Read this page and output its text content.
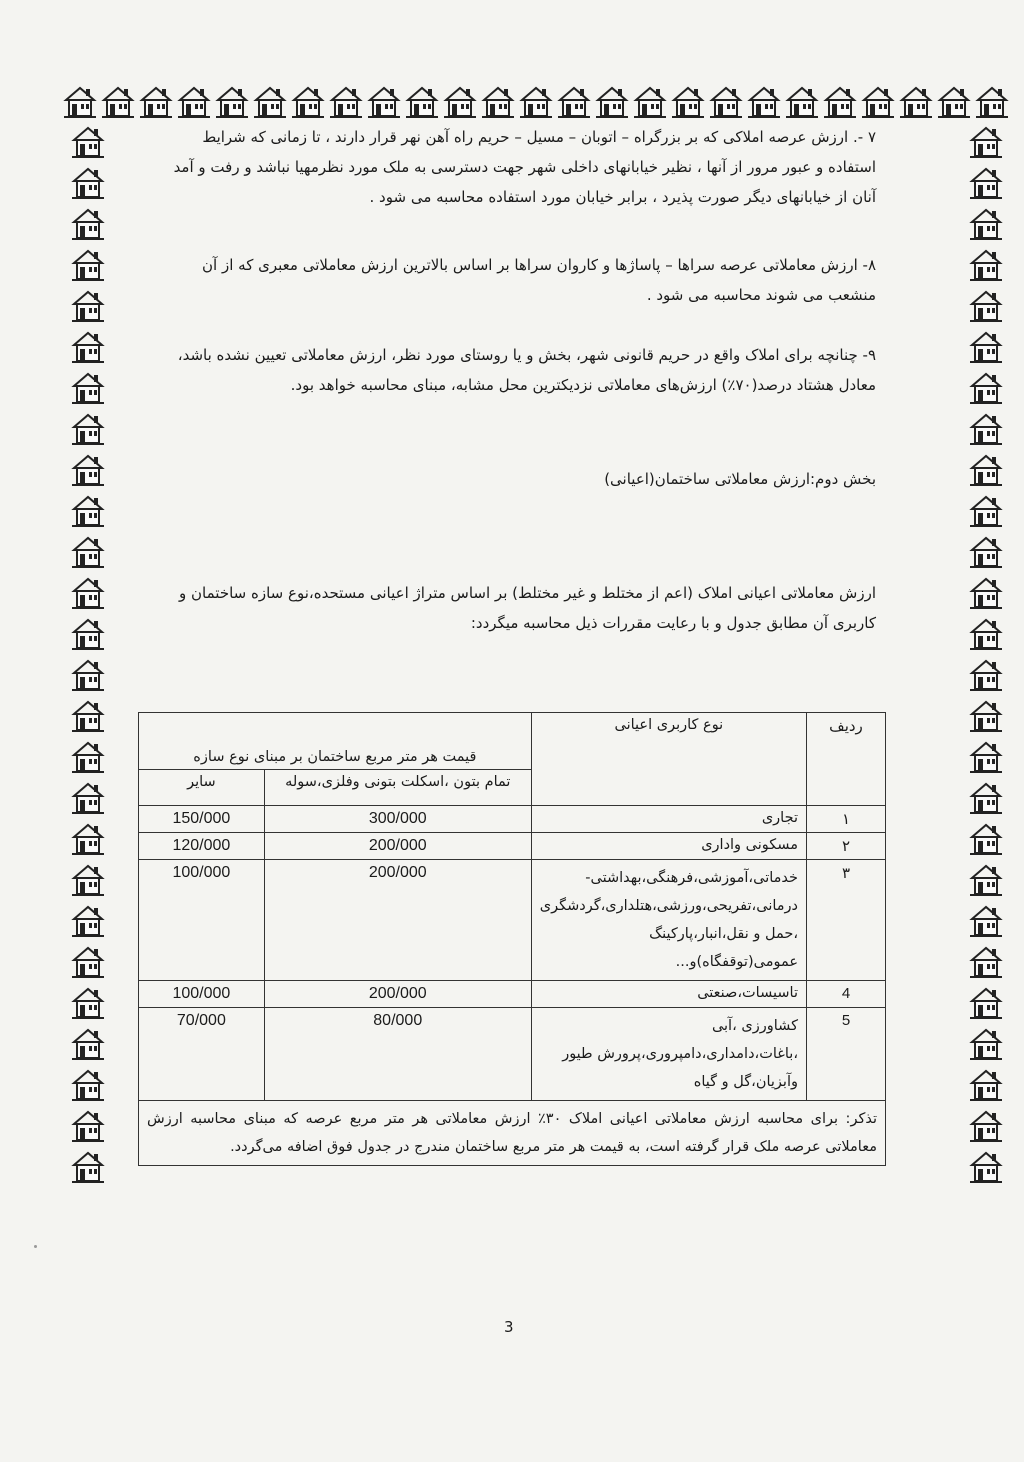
۷ -. ارزش عرصه املاکی که بر بزرگراه – اتوبان – مسیل – حریم راه آهن نهر قرار دارند ، تا زمانی که شرایط استفاده و عبور مرور از آنها ، نظیر خیابانهای داخلی شهر جهت دسترسی به ملک مورد نظرمهیا نباشد و رفت و آمد آنان از خیابانهای دیگر صورت پذیرد ، برابر خیابان مورد استفاده محاسبه می شود .
۸- ارزش معاملاتی عرصه سراها – پاساژها و کاروان سراها بر اساس بالاترین ارزش معاملاتی معبری که از آن منشعب می شوند محاسبه می شود .
۹- چنانچه برای املاک واقع در حریم قانونی شهر، بخش و یا روستای مورد نظر، ارزش معاملاتی تعیین نشده باشد، معادل هشتاد درصد(۷۰٪) ارزش‌های معاملاتی نزدیکترین محل مشابه، مبنای محاسبه خواهد بود.
بخش دوم:ارزش معاملاتی ساختمان(اعیانی)
ارزش معاملاتی اعیانی املاک (اعم از مختلط و غیر مختلط) بر اساس متراژ اعیانی مستحده،نوع سازه ساختمان و کاربری آن مطابق جدول و با رعایت مقررات ذیل محاسبه میگردد:
ردیف	نوع کاربری اعیانی	قیمت هر متر مربع ساختمان بر مبنای نوع سازه	
		تمام بتون ،اسکلت بتونی وفلزی،سوله	سایر
۱	تجاری	300/000	150/000
۲	مسکونی واداری	200/000	120/000
۳	خدماتی،آموزشی،فرهنگی،بهداشتی- درمانی،تفریحی،ورزشی،هتلداری،گردشگری ،حمل و نقل،انبار،پارکینگ عمومی(توقفگاه)و...	200/000	100/000
4	تاسیسات،صنعتی	200/000	100/000
5	کشاورزی ،آبی ،باغات،دامداری،دامپروری،پرورش طیور وآبزیان،گل و گیاه	80/000	70/000
تذکر: برای محاسبه ارزش معاملاتی اعیانی املاک ۳۰٪ ارزش معاملاتی هر متر مربع عرصه که مبنای محاسبه ارزش معاملاتی عرصه ملک قرار گرفته است، به قیمت هر متر مربع ساختمان مندرج در جدول فوق اضافه می‌گردد.			
3
